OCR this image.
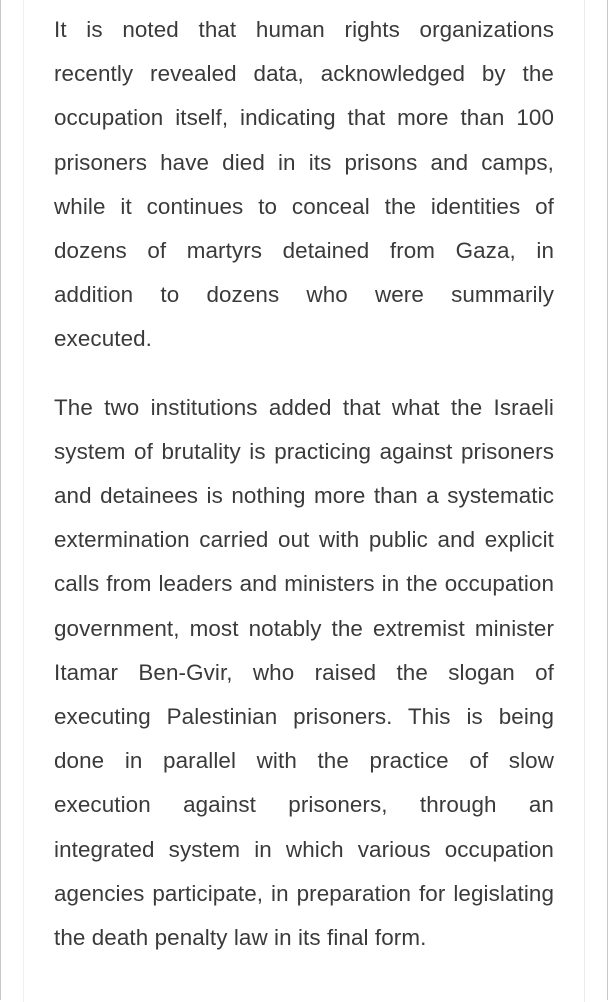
It is noted that human rights organizations recently revealed data, acknowledged by the occupation itself, indicating that more than 100 prisoners have died in its prisons and camps, while it continues to conceal the identities of dozens of martyrs detained from Gaza, in addition to dozens who were summarily executed.

The two institutions added that what the Israeli system of brutality is practicing against prisoners and detainees is nothing more than a systematic extermination carried out with public and explicit calls from leaders and ministers in the occupation government, most notably the extremist minister Itamar Ben-Gvir, who raised the slogan of executing Palestinian prisoners. This is being done in parallel with the practice of slow execution against prisoners, through an integrated system in which various occupation agencies participate, in preparation for legislating the death penalty law in its final form.
